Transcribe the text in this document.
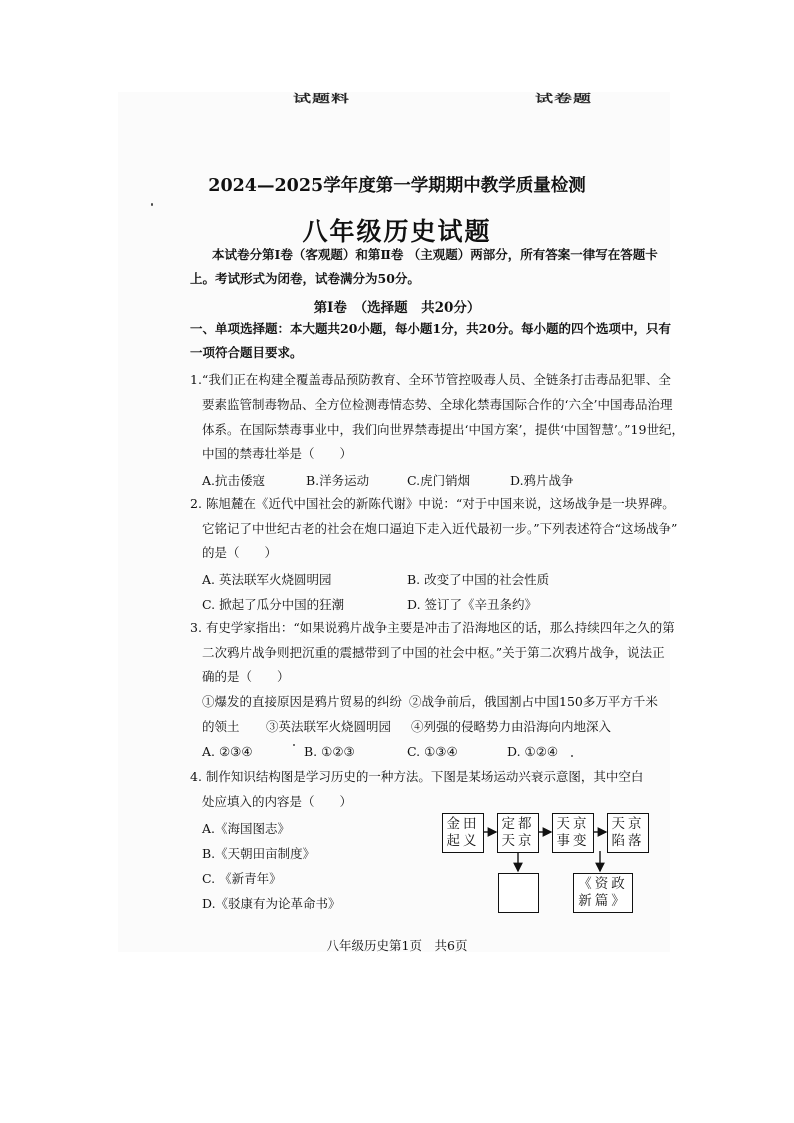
试题料	试卷题
2024—2025学年度第一学期期中教学质量检测
八年级历史试题
本试卷分第Ⅰ卷（客观题）和第Ⅱ卷 （主观题）两部分，所有答案一律写在答题卡
上。考试形式为闭卷，试卷满分为50分。
第Ⅰ卷　（选择题　共20分）
一、单项选择题：本大题共20小题，每小题1分，共20分。每小题的四个选项中，只有
一项符合题目要求。
1.“我们正在构建全覆盖毒品预防教育、全环节管控吸毒人员、全链条打击毒品犯罪、全
要素监管制毒物品、全方位检测毒情态势、全球化禁毒国际合作的‘六全’中国毒品治理
体系。在国际禁毒事业中，我们向世界禁毒提出‘中国方案’，提供‘中国智慧’。”19世纪，
中国的禁毒壮举是（　　）
A.抗击倭寇	B.洋务运动	C.虎门销烟	D.鸦片战争
2. 陈旭麓在《近代中国社会的新陈代谢》中说：“对于中国来说，这场战争是一块界碑。
它铭记了中世纪古老的社会在炮口逼迫下走入近代最初一步。”下列表述符合“这场战争”
的是（　　）
A. 英法联军火烧圆明园	B. 改变了中国的社会性质
C. 掀起了瓜分中国的狂潮	D. 签订了《辛丑条约》
3. 有史学家指出：“如果说鸦片战争主要是冲击了沿海地区的话，那么持续四年之久的第
二次鸦片战争则把沉重的震撼带到了中国的社会中枢。”关于第二次鸦片战争，说法正
确的是（　　）
①爆发的直接原因是鸦片贸易的纠纷 ②战争前后，俄国割占中国150多万平方千米
的领土 ③英法联军火烧圆明园 ④列强的侵略势力由沿海向内地深入
A. ②③④	B. ①②③	C. ①③④	D. ①②④
4. 制作知识结构图是学习历史的一种方法。下图是某场运动兴衰示意图，其中空白
处应填入的内容是（　　）
A.《海国图志》
B.《天朝田亩制度》
C. 《新青年》
D.《驳康有为论革命书》
金田
起义
定都
天京
天京
事变
天京
陷落
《资政
新篇》
八年级历史第1页　共6页
